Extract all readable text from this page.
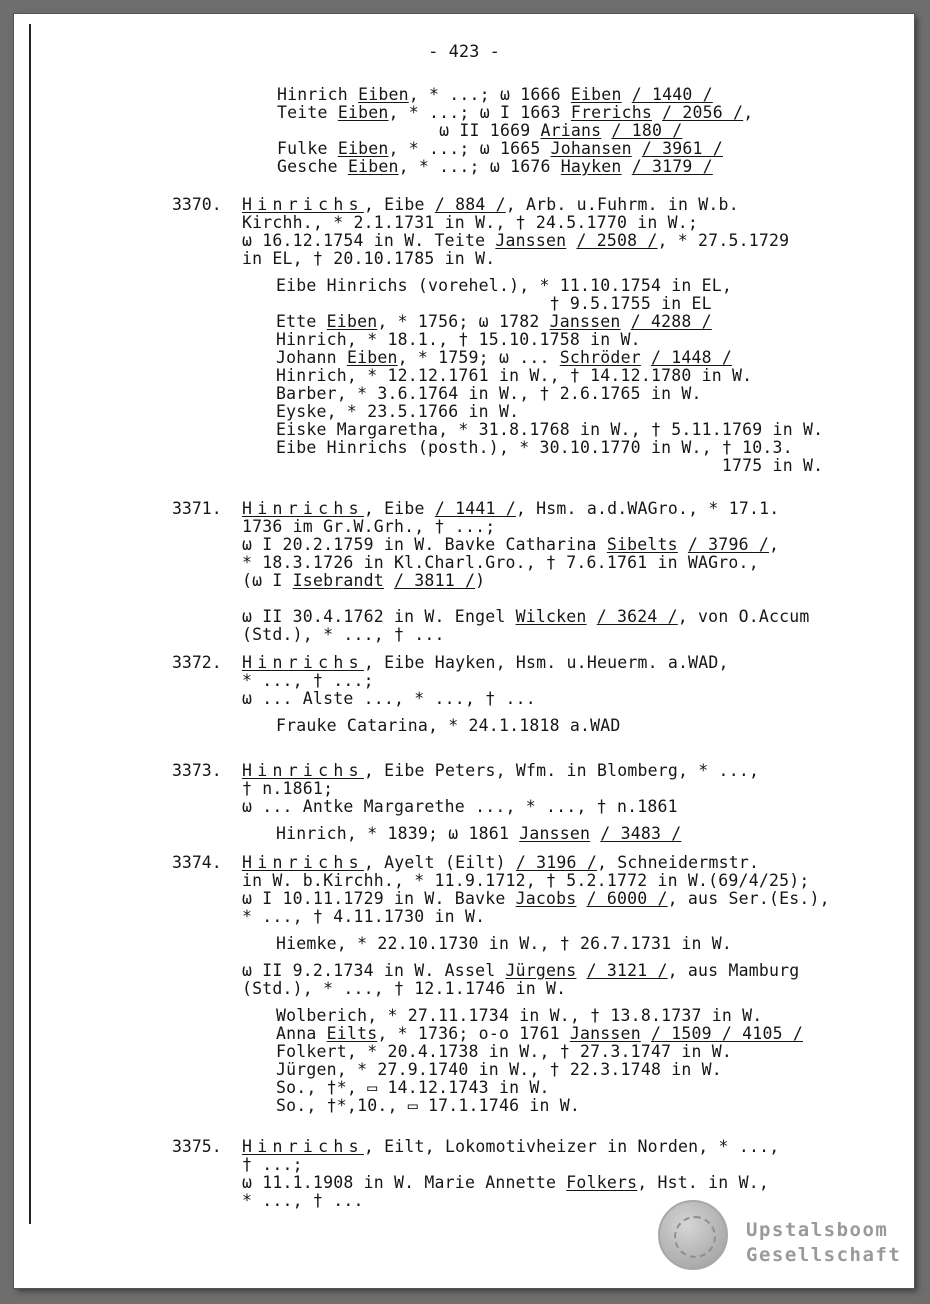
- 423 -
Hinrich Eiben, * ...; ω 1666 Eiben / 1440 /
Teite Eiben, * ...; ω I 1663 Frerichs / 2056 /,
ω II 1669 Arians / 180 /
Fulke Eiben, * ...; ω 1665 Johansen / 3961 /
Gesche Eiben, * ...; ω 1676 Hayken / 3179 /
3370. Hinrichs, Eibe / 884 /, Arb. u.Fuhrm. in W.b.
Kirchh., * 2.1.1731 in W., † 24.5.1770 in W.;
ω 16.12.1754 in W. Teite Janssen / 2508 /, * 27.5.1729
in EL, † 20.10.1785 in W.
Eibe Hinrichs (vorehel.), * 11.10.1754 in EL,
† 9.5.1755 in EL
Ette Eiben, * 1756; ω 1782 Janssen / 4288 /
Hinrich, * 18.1., † 15.10.1758 in W.
Johann Eiben, * 1759; ω ... Schröder / 1448 /
Hinrich, * 12.12.1761 in W., † 14.12.1780 in W.
Barber, * 3.6.1764 in W., † 2.6.1765 in W.
Eyske, * 23.5.1766 in W.
Eiske Margaretha, * 31.8.1768 in W., † 5.11.1769 in W.
Eibe Hinrichs (posth.), * 30.10.1770 in W., † 10.3.
1775 in W.
3371. Hinrichs, Eibe / 1441 /, Hsm. a.d.WAGro., * 17.1.
1736 im Gr.W.Grh., † ...;
ω I 20.2.1759 in W. Bavke Catharina Sibelts / 3796 /,
* 18.3.1726 in Kl.Charl.Gro., † 7.6.1761 in WAGro.,
(ω I Isebrandt / 3811 /)
ω II 30.4.1762 in W. Engel Wilcken / 3624 /, von O.Accum
(Std.), * ..., † ...
3372. Hinrichs, Eibe Hayken, Hsm. u.Heuerm. a.WAD,
* ..., † ...;
ω ... Alste ..., * ..., † ...
Frauke Catarina, * 24.1.1818 a.WAD
3373. Hinrichs, Eibe Peters, Wfm. in Blomberg, * ...,
† n.1861;
ω ... Antke Margarethe ..., * ..., † n.1861
Hinrich, * 1839; ω 1861 Janssen / 3483 /
3374. Hinrichs, Ayelt (Eilt) / 3196 /, Schneidermstr.
in W. b.Kirchh., * 11.9.1712, † 5.2.1772 in W.(69/4/25);
ω I 10.11.1729 in W. Bavke Jacobs / 6000 /, aus Ser.(Es.),
* ..., † 4.11.1730 in W.
Hiemke, * 22.10.1730 in W., † 26.7.1731 in W.
ω II 9.2.1734 in W. Assel Jürgens / 3121 /, aus Mamburg
(Std.), * ..., † 12.1.1746 in W.
Wolberich, * 27.11.1734 in W., † 13.8.1737 in W.
Anna Eilts, * 1736; o-o 1761 Janssen / 1509 / 4105 /
Folkert, * 20.4.1738 in W., † 27.3.1747 in W.
Jürgen, * 27.9.1740 in W., † 22.3.1748 in W.
So., †*, ▭ 14.12.1743 in W.
So., †*,10., ▭ 17.1.1746 in W.
3375. Hinrichs, Eilt, Lokomotivheizer in Norden, * ...,
† ...;
ω 11.1.1908 in W. Marie Annette Folkers, Hst. in W.,
* ..., † ...
Upstalsboom
Gesellschaft
